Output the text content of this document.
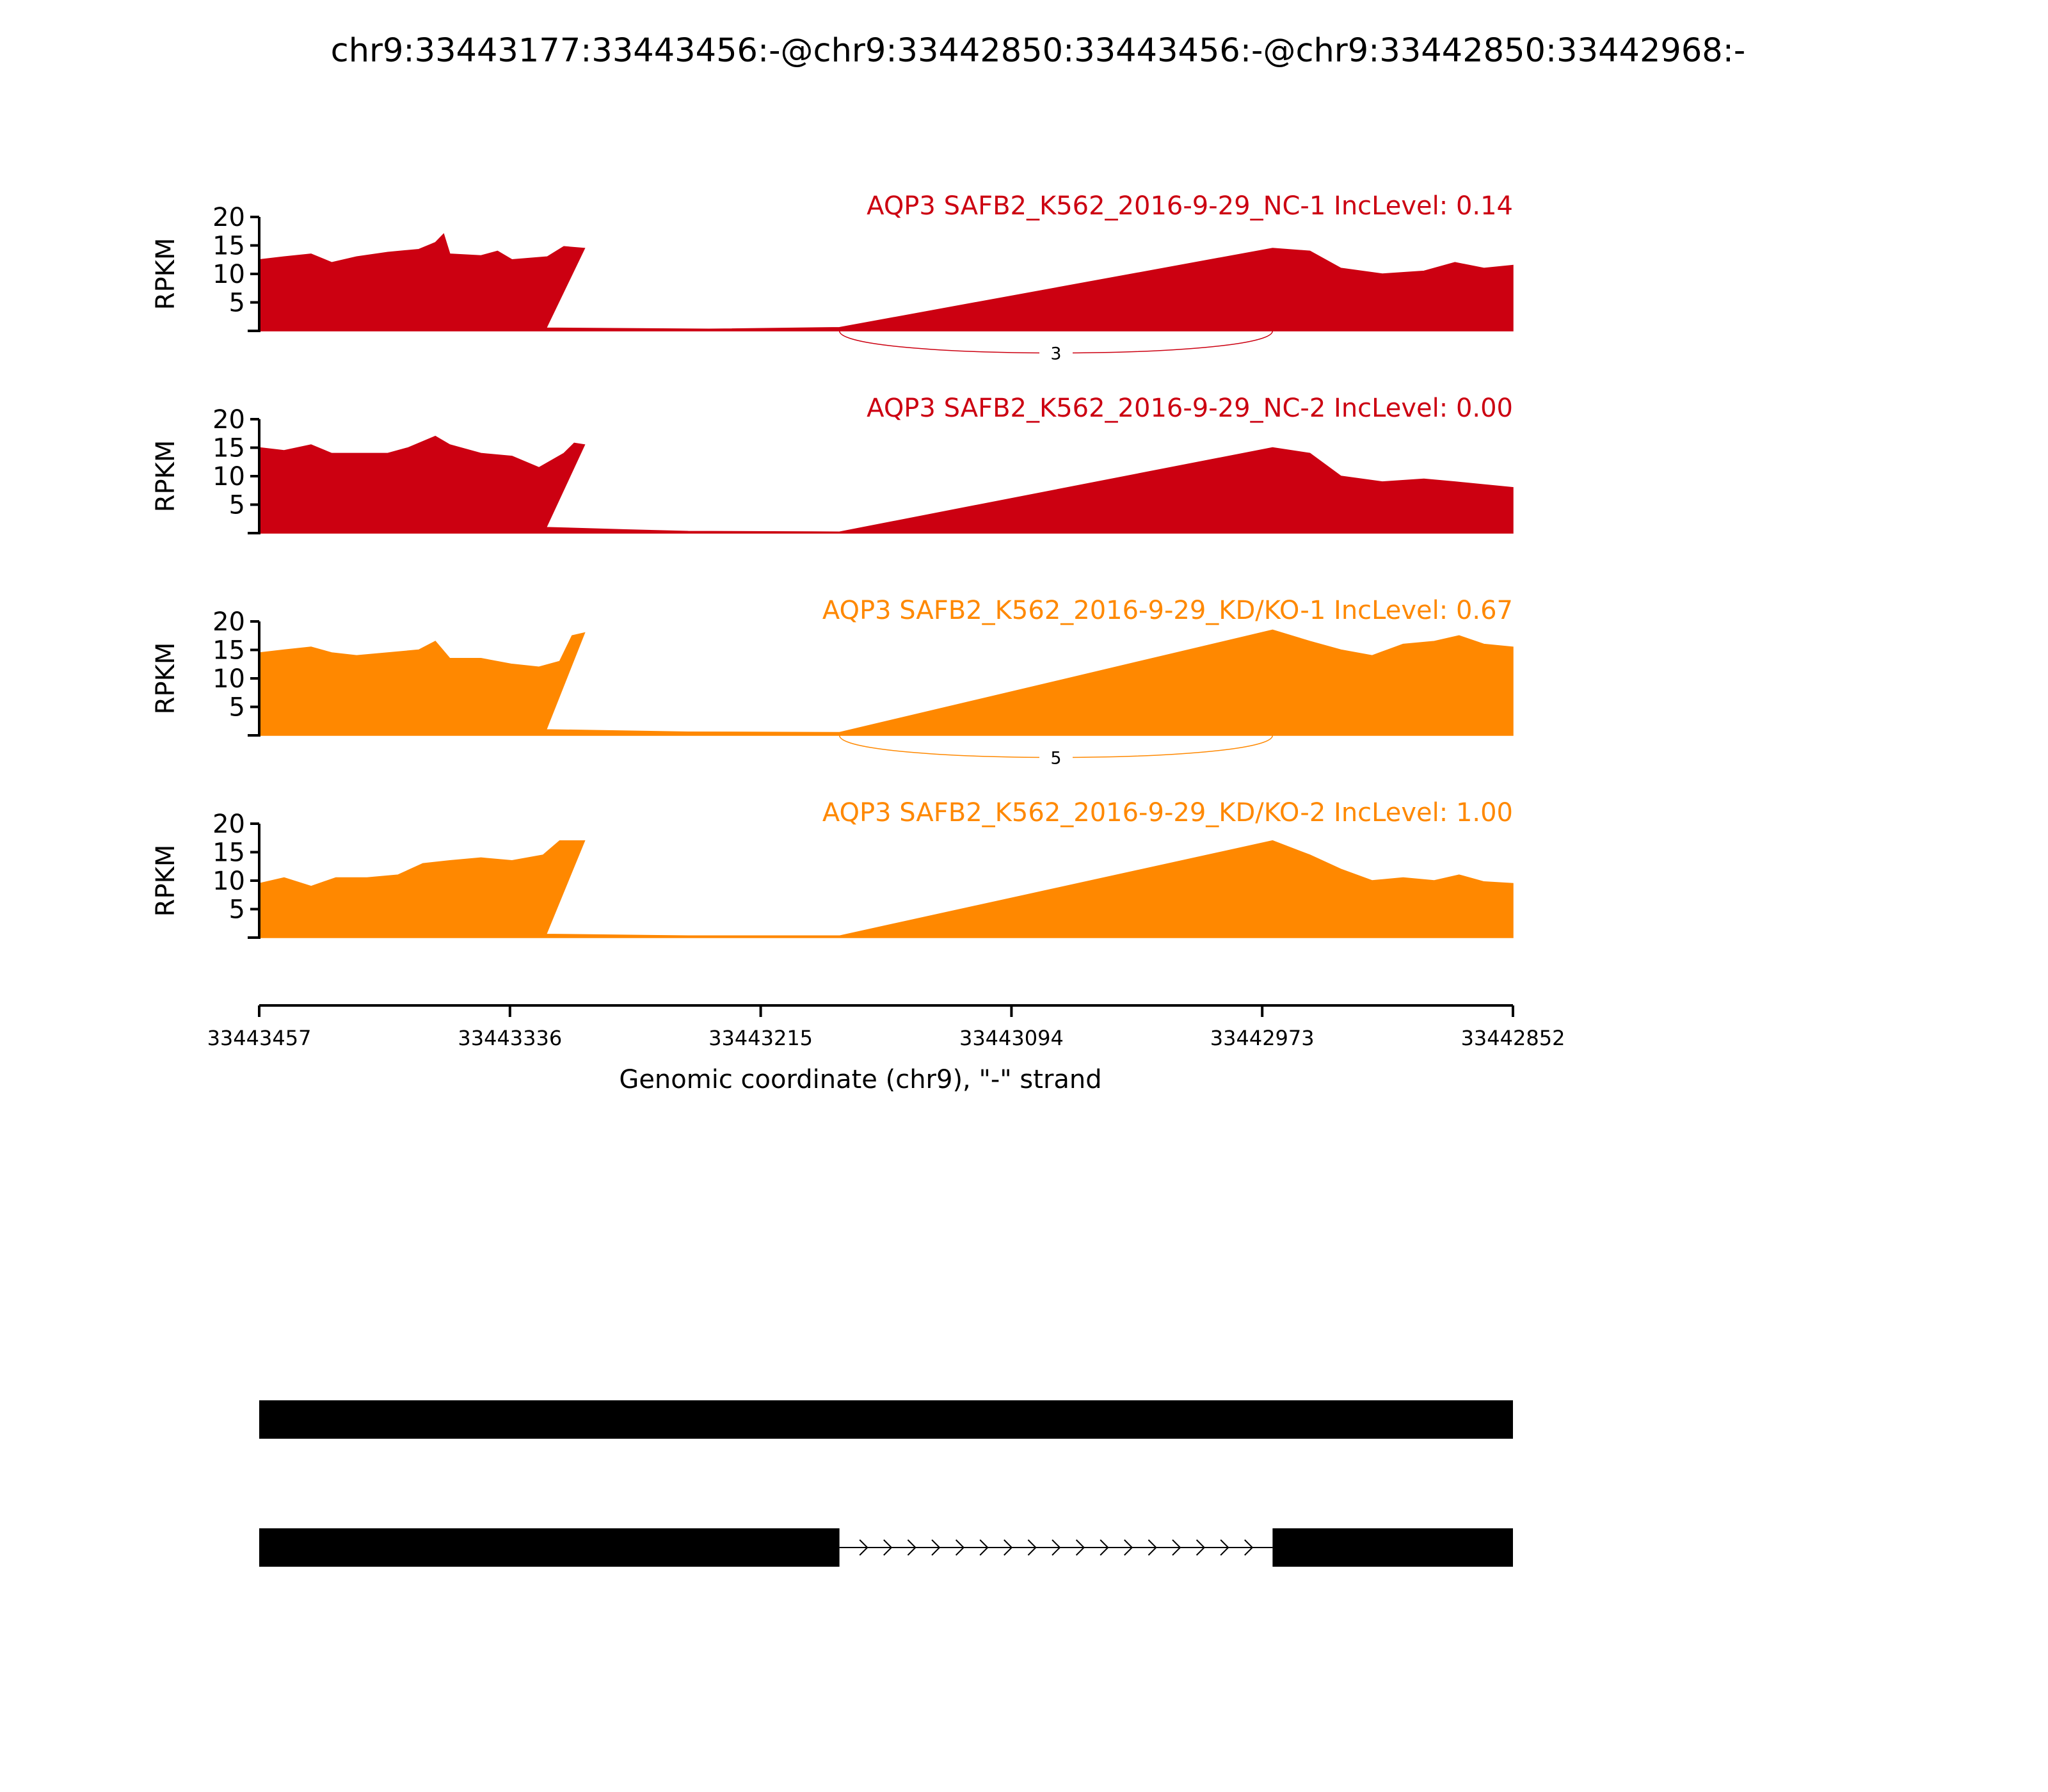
chr9:33443177:33443456:-@chr9:33442850:33443456:-@chr9:33442850:33442968:-
5
10
15
20
RPKM
AQP3 SAFB2_K562_2016-9-29_NC-1 IncLevel: 0.14
3
5
10
15
20
RPKM
AQP3 SAFB2_K562_2016-9-29_NC-2 IncLevel: 0.00
5
10
15
20
RPKM
AQP3 SAFB2_K562_2016-9-29_KD/KO-1 IncLevel: 0.67
5
5
10
15
20
RPKM
AQP3 SAFB2_K562_2016-9-29_KD/KO-2 IncLevel: 1.00
33443457	33443336	33443215	33443094	33442973	33442852
Genomic coordinate (chr9), "-" strand
